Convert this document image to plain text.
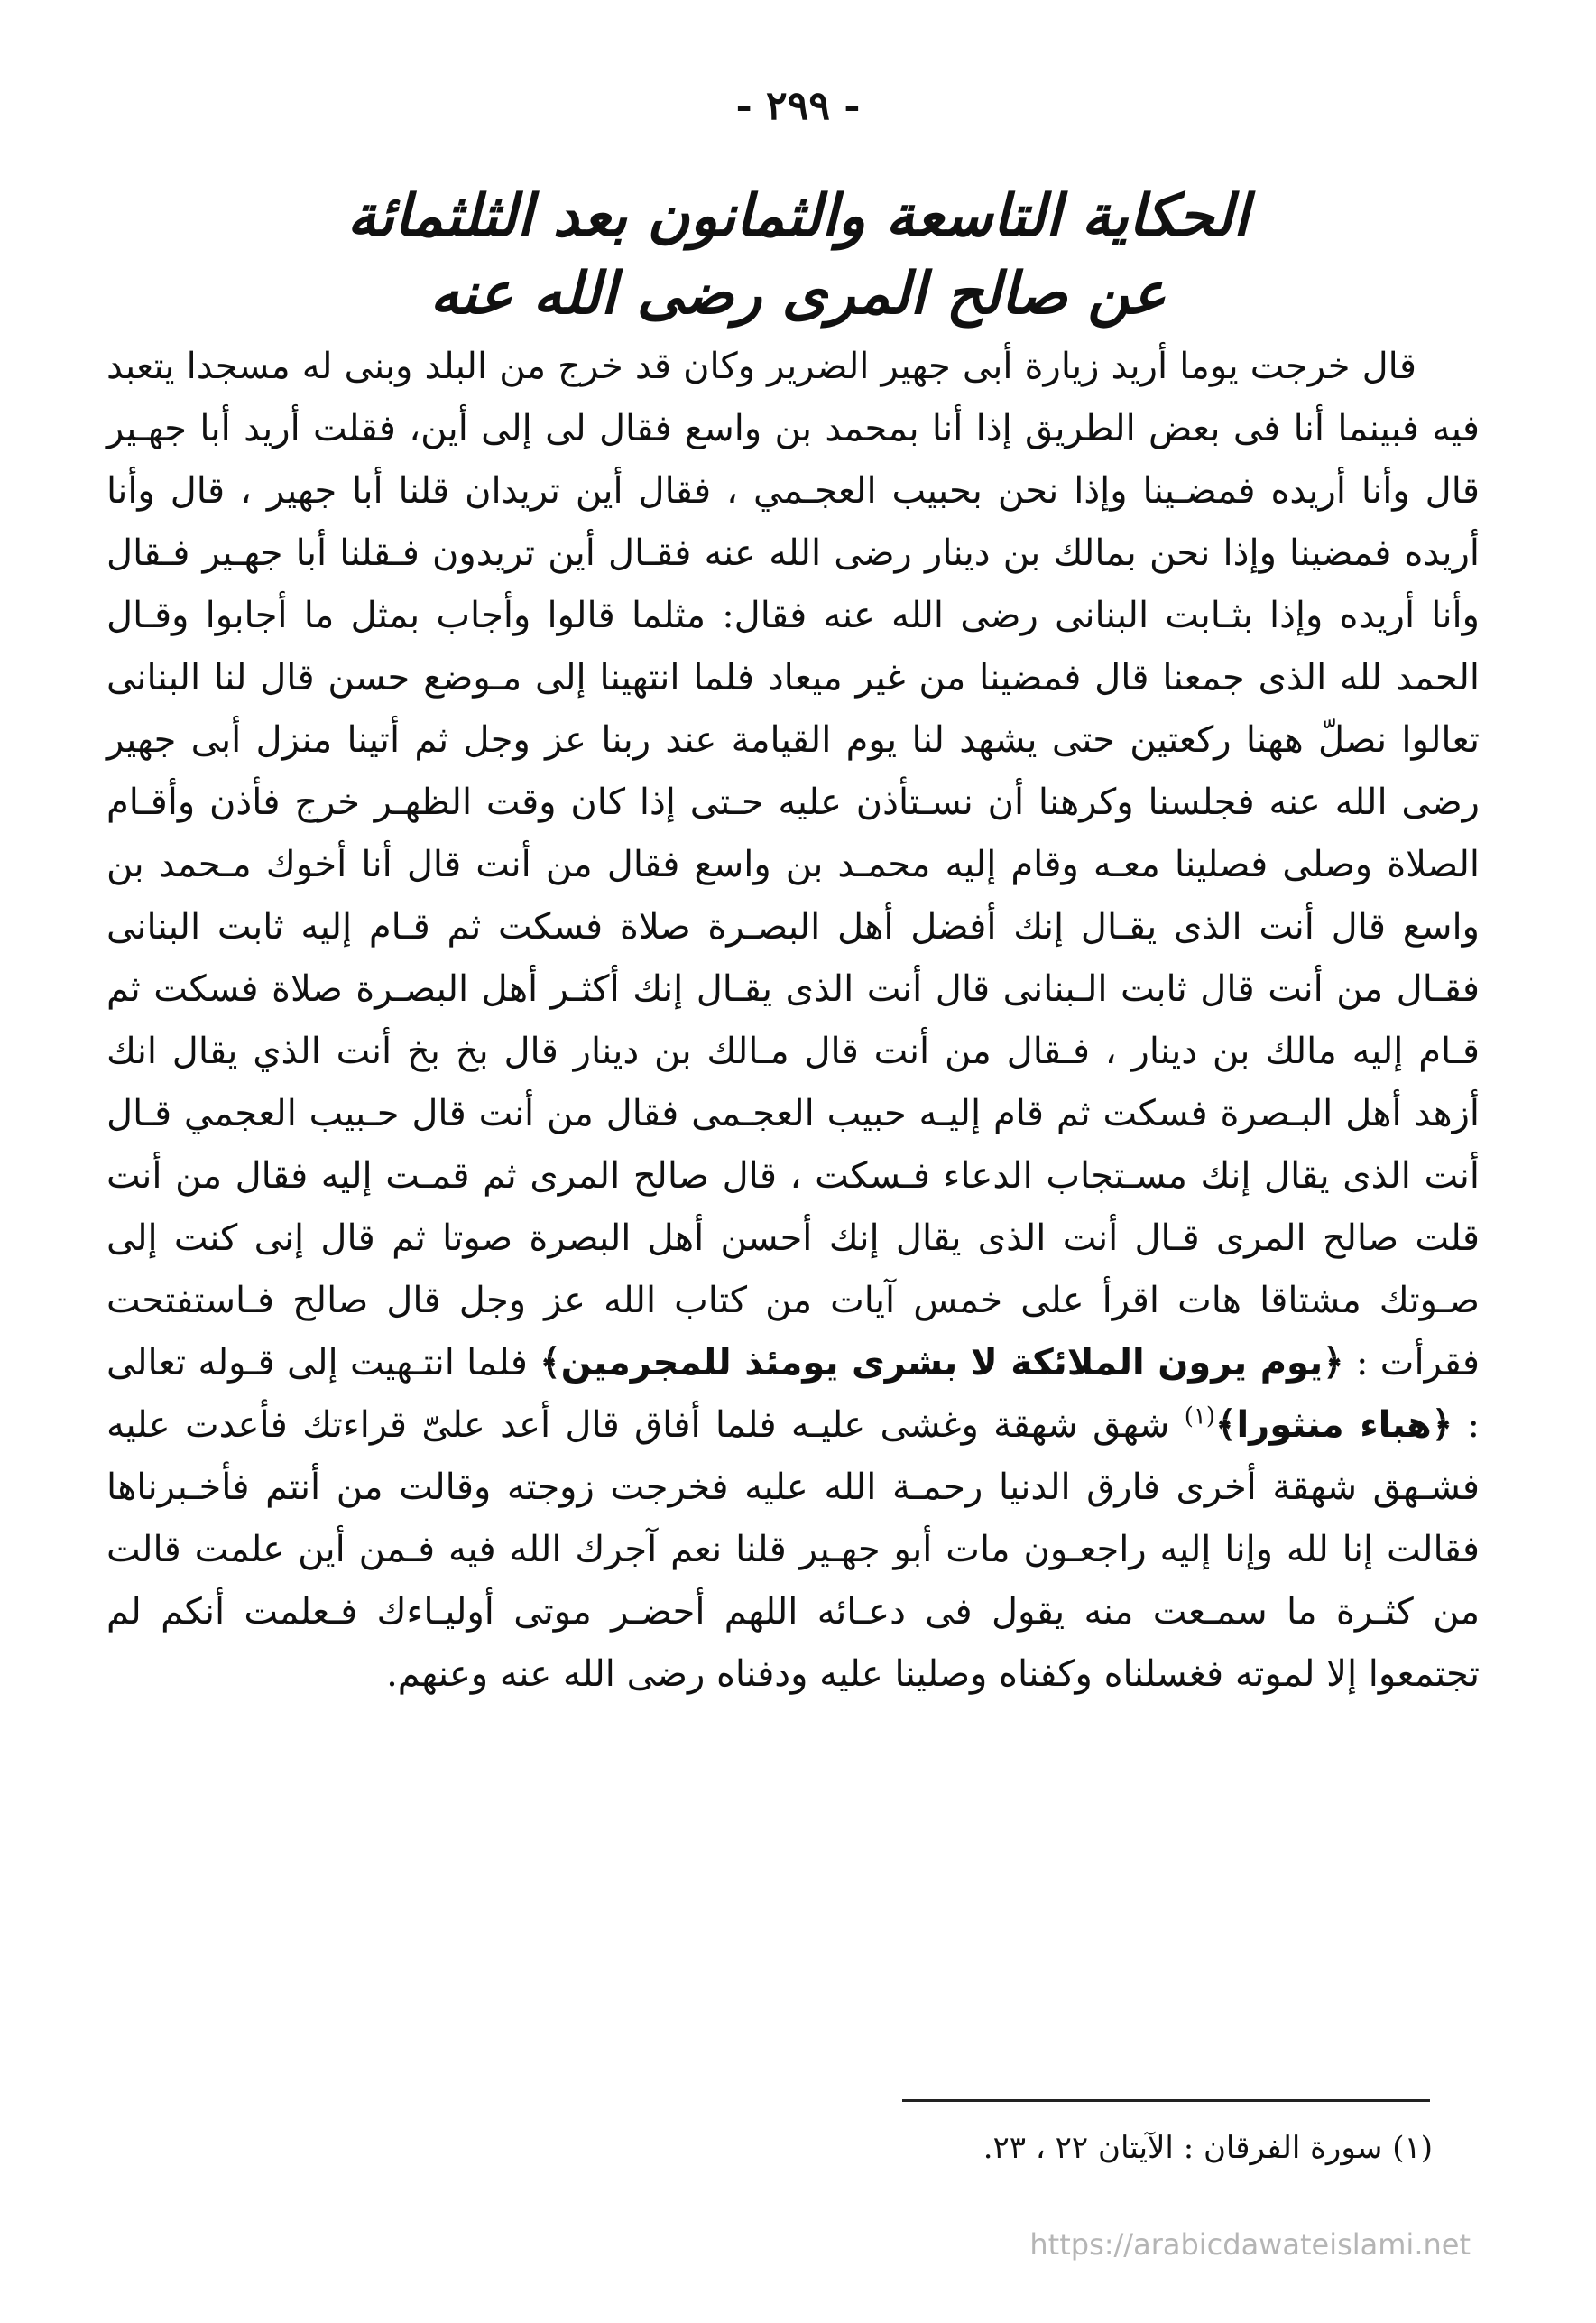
- ٢٩٩ -
الحكاية التاسعة والثمانون بعد الثلثمائة
عن صالح المرى رضى الله عنه

قال خرجت يوما أريد زيارة أبى جهير الضرير وكان قد خرج من البلد وبنى له مسجدا يتعبد فيه فبينما أنا فى بعض الطريق إذا أنا بمحمد بن واسع فقال لى إلى أين، فقلت أريد أبا جهـير قال وأنا أريده فمضـينا وإذا نحن بحبيب العجـمي ، فقال أين تريدان قلنا أبا جهير ، قال وأنا أريده فمضينا وإذا نحن بمالك بن دينار رضى الله عنه فقـال أين تريدون فـقلنا أبا جهـير فـقال وأنا أريده وإذا بثـابت البنانى رضى الله عنه فقال: مثلما قالوا وأجاب بمثل ما أجابوا وقـال الحمد لله الذى جمعنا قال فمضينا من غير ميعاد فلما انتهينا إلى مـوضع حسن قال لنا البنانى تعالوا نصلّ ههنا ركعتين حتى يشهد لنا يوم القيامة عند ربنا عز وجل ثم أتينا منزل أبى جهير رضى الله عنه فجلسنا وكرهنا أن نسـتأذن عليه حـتى إذا كان وقت الظهـر خرج فأذن وأقـام الصلاة وصلى فصلينا معـه وقام إليه محمـد بن واسع فقال من أنت قال أنا أخوك مـحمد بن واسع قال أنت الذى يقـال إنك أفضل أهل البصـرة صلاة فسكت ثم قـام إليه ثابت البنانى فقـال من أنت قال ثابت الـبنانى قال أنت الذى يقـال إنك أكثـر أهل البصـرة صلاة فسكت ثم قـام إليه مالك بن دينار ، فـقال من أنت قال مـالك بن دينار قال بخ بخ أنت الذي يقال انك أزهد أهل البـصرة فسكت ثم قام إليـه حبيب العجـمى فقال من أنت قال حـبيب العجمي قـال أنت الذى يقال إنك مسـتجاب الدعاء فـسكت ، قال صالح المرى ثم قمـت إليه فقال من أنت قلت صالح المرى قـال أنت الذى يقال إنك أحسن أهل البصرة صوتا ثم قال إنى كنت إلى صـوتك مشتاقا هات اقرأ على خمس آيات من كتاب الله عز وجل قال صالح فـاستفتحت فقرأت : ﴿يوم يرون الملائكة لا بشرى يومئذ للمجرمين﴾ فلما انتـهيت إلى قـوله تعالى : ﴿هباء منثورا﴾$^{(١)}$ شهق شهقة وغشى عليـه فلما أفاق قال أعد علىّ قراءتك فأعدت عليه فشـهق شهقة أخرى فارق الدنيا رحمـة الله عليه فخرجت زوجته وقالت من أنتم فأخـبرناها فقالت إنا لله وإنا إليه راجعـون مات أبو جهـير قلنا نعم آجرك الله فيه فـمن أين علمت قالت من كثـرة ما سمـعت منه يقول فى دعـائه اللهم أحضـر موتى أوليـاءك فـعلمت أنكم لم تجتمعوا إلا لموته فغسلناه وكفناه وصلينا عليه ودفناه رضى الله عنه وعنهم.

(١) سورة الفرقان : الآيتان ٢٢ ، ٢٣.
https://arabicdawateislami.net
